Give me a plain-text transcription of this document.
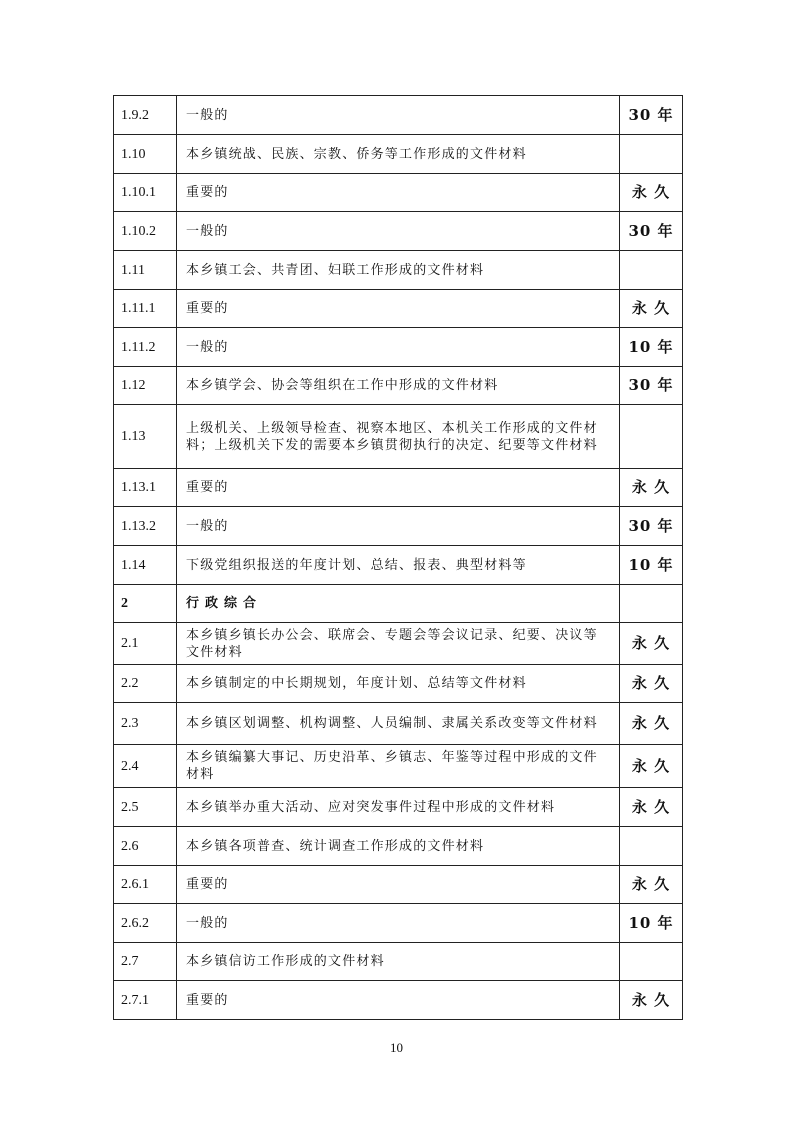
1.9.2	一般的	30 年
1.10	本乡镇统战、民族、宗教、侨务等工作形成的文件材料	
1.10.1	重要的	永 久
1.10.2	一般的	30 年
1.11	本乡镇工会、共青团、妇联工作形成的文件材料	
1.11.1	重要的	永 久
1.11.2	一般的	10 年
1.12	本乡镇学会、协会等组织在工作中形成的文件材料	30 年
1.13	上级机关、上级领导检查、视察本地区、本机关工作形成的文件材料；上级机关下发的需要本乡镇贯彻执行的决定、纪要等文件材料	
1.13.1	重要的	永 久
1.13.2	一般的	30 年
1.14	下级党组织报送的年度计划、总结、报表、典型材料等	10 年
2	行政综合	
2.1	本乡镇乡镇长办公会、联席会、专题会等会议记录、纪要、决议等文件材料	永 久
2.2	本乡镇制定的中长期规划，年度计划、总结等文件材料	永 久
2.3	本乡镇区划调整、机构调整、人员编制、隶属关系改变等文件材料	永 久
2.4	本乡镇编纂大事记、历史沿革、乡镇志、年鉴等过程中形成的文件材料	永 久
2.5	本乡镇举办重大活动、应对突发事件过程中形成的文件材料	永 久
2.6	本乡镇各项普查、统计调查工作形成的文件材料	
2.6.1	重要的	永 久
2.6.2	一般的	10 年
2.7	本乡镇信访工作形成的文件材料	
2.7.1	重要的	永 久
10
